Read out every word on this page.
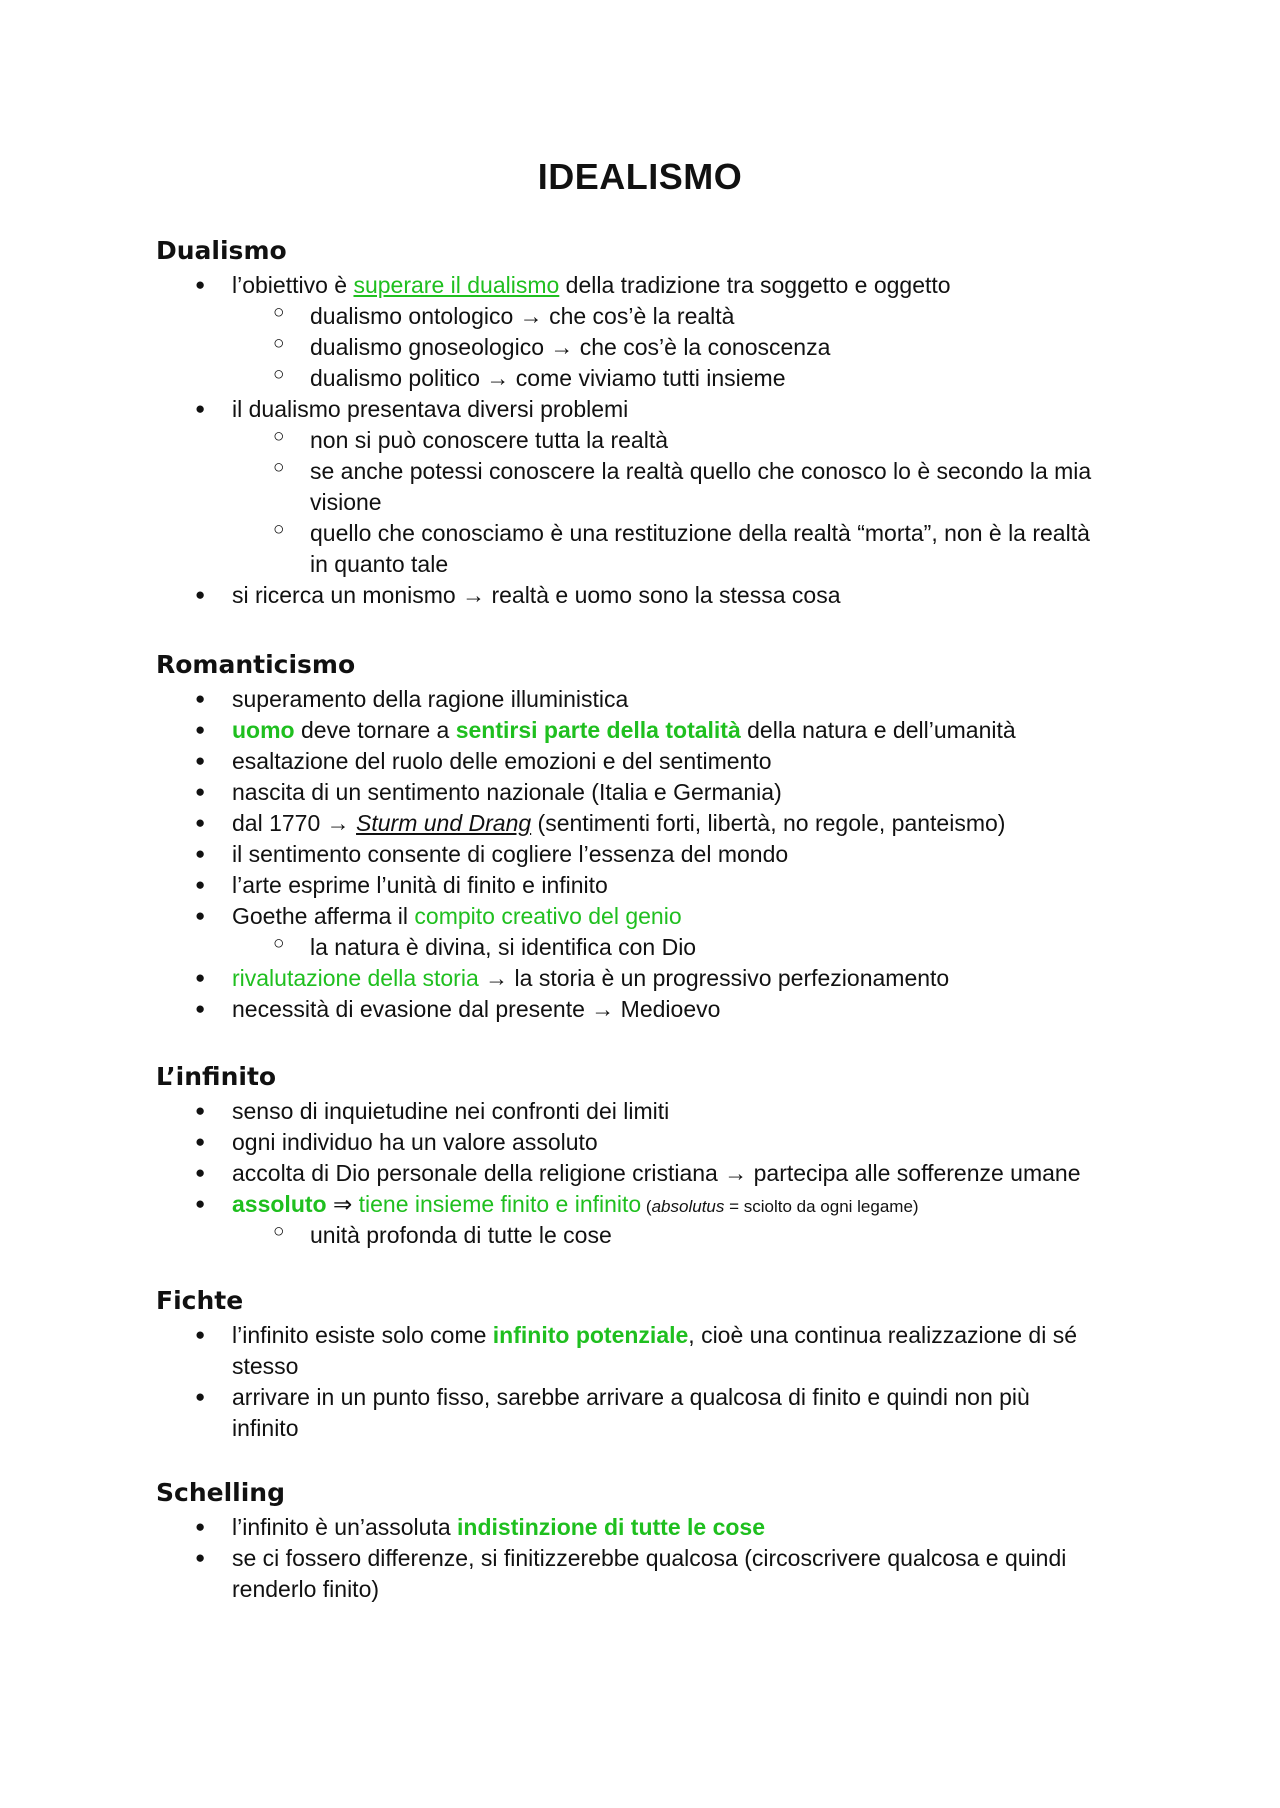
IDEALISMO
Dualismo
● l’obiettivo è superare il dualismo della tradizione tra soggetto e oggetto
○ dualismo ontologico → che cos’è la realtà
○ dualismo gnoseologico → che cos’è la conoscenza
○ dualismo politico → come viviamo tutti insieme
● il dualismo presentava diversi problemi
○ non si può conoscere tutta la realtà
○ se anche potessi conoscere la realtà quello che conosco lo è secondo la mia
visione
○ quello che conosciamo è una restituzione della realtà “morta”, non è la realtà
in quanto tale
● si ricerca un monismo → realtà e uomo sono la stessa cosa
Romanticismo
● superamento della ragione illuministica
● uomo deve tornare a sentirsi parte della totalità della natura e dell’umanità
● esaltazione del ruolo delle emozioni e del sentimento
● nascita di un sentimento nazionale (Italia e Germania)
● dal 1770 → Sturm und Drang (sentimenti forti, libertà, no regole, panteismo)
● il sentimento consente di cogliere l’essenza del mondo
● l’arte esprime l’unità di finito e infinito
● Goethe afferma il compito creativo del genio
○ la natura è divina, si identifica con Dio
● rivalutazione della storia → la storia è un progressivo perfezionamento
● necessità di evasione dal presente → Medioevo
L’infinito
● senso di inquietudine nei confronti dei limiti
● ogni individuo ha un valore assoluto
● accolta di Dio personale della religione cristiana → partecipa alle sofferenze umane
● assoluto ⇒ tiene insieme finito e infinito (absolutus = sciolto da ogni legame)
○ unità profonda di tutte le cose
Fichte
● l’infinito esiste solo come infinito potenziale, cioè una continua realizzazione di sé
stesso
● arrivare in un punto fisso, sarebbe arrivare a qualcosa di finito e quindi non più
infinito
Schelling
● l’infinito è un’assoluta indistinzione di tutte le cose
● se ci fossero differenze, si finitizzerebbe qualcosa (circoscrivere qualcosa e quindi
renderlo finito)
